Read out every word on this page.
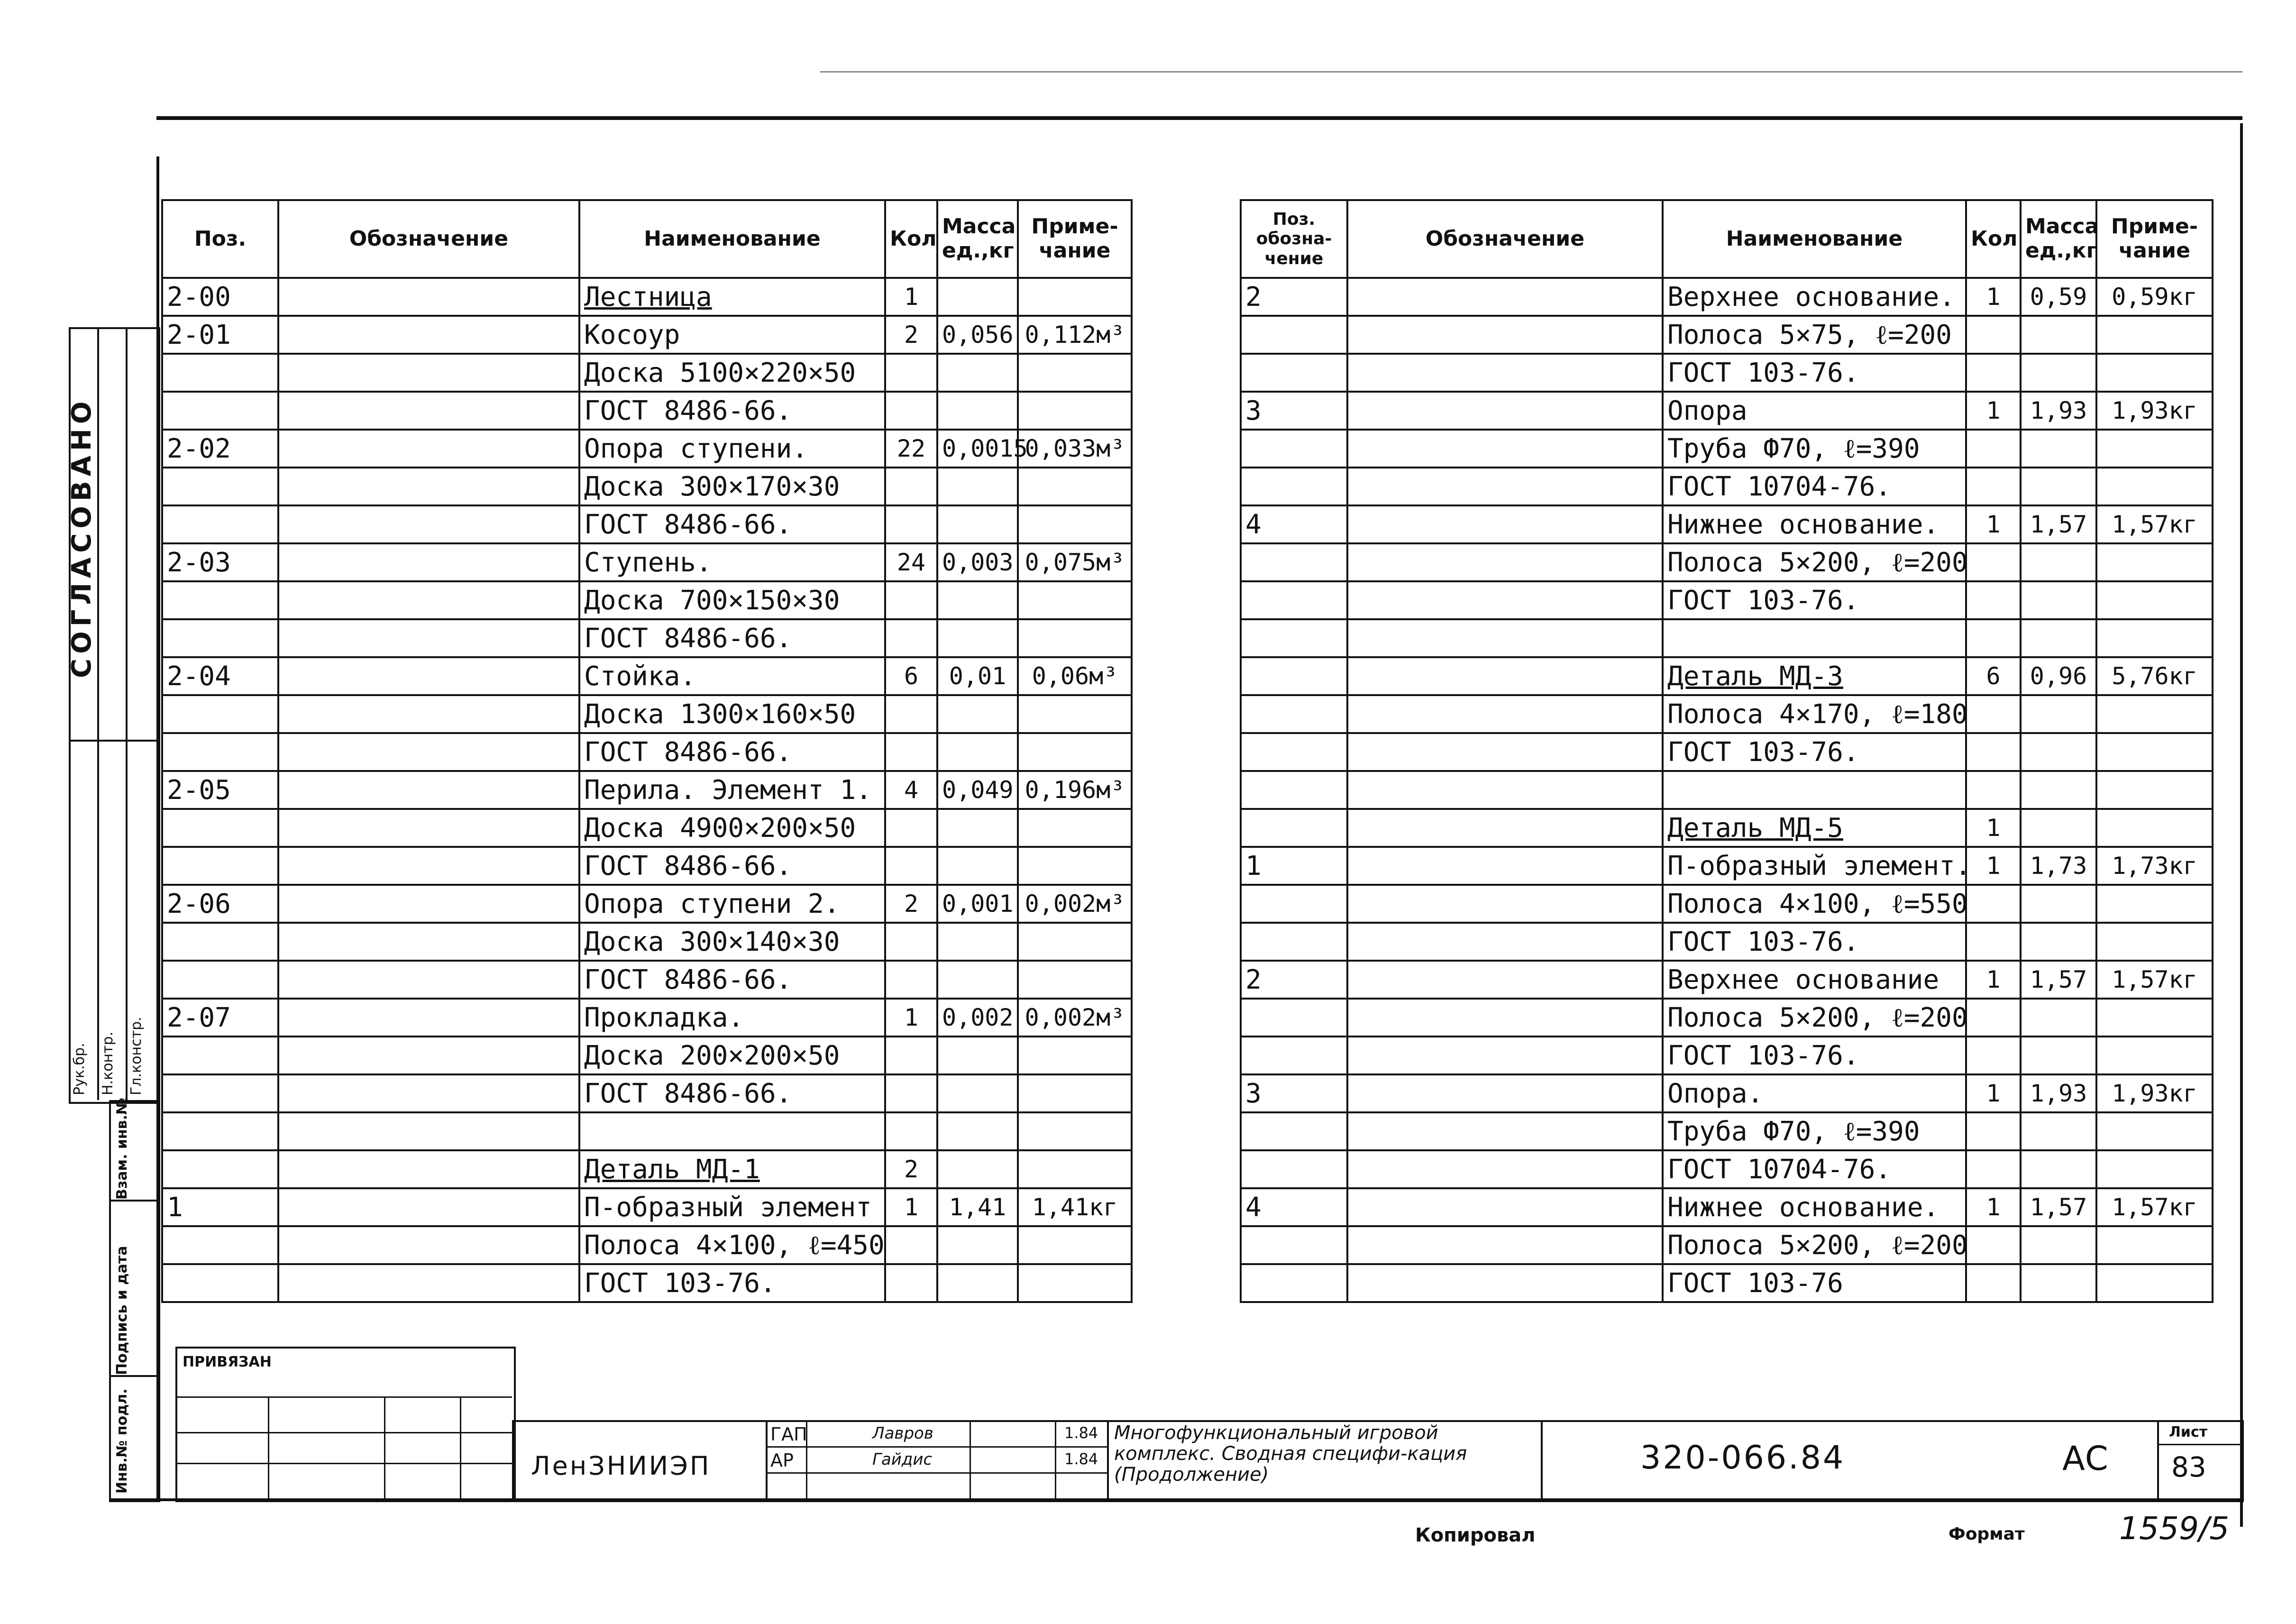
СОГЛАСОВАНО
Рук.бр. Н.контр. Гл.констр.
Инв.№ подл.
Подпись и дата
Взам. инв.№
Поз.	Обозначение	Наименование	Кол	Масса ед.,кг	Приме-чание
2-00		Лестница	1		
2-01		Косоур	2	0,056	0,112м³
		Доска 5100×220×50			
		ГОСТ 8486-66.			
2-02		Опора ступени.	22	0,0015	0,033м³
		Доска 300×170×30			
		ГОСТ 8486-66.			
2-03		Ступень.	24	0,003	0,075м³
		Доска 700×150×30			
		ГОСТ 8486-66.			
2-04		Стойка.	6	0,01	0,06м³
		Доска 1300×160×50			
		ГОСТ 8486-66.			
2-05		Перила. Элемент 1.	4	0,049	0,196м³
		Доска 4900×200×50			
		ГОСТ 8486-66.			
2-06		Опора ступени 2.	2	0,001	0,002м³
		Доска 300×140×30			
		ГОСТ 8486-66.			
2-07		Прокладка.	1	0,002	0,002м³
		Доска 200×200×50			
		ГОСТ 8486-66.			

		Деталь МД-1	2		
1		П-образный элемент	1	1,41	1,41кг
		Полоса 4×100, ℓ=450			
		ГОСТ 103-76.			
Поз. обозна-чение	Обозначение	Наименование	Кол	Масса ед.,кг	Приме-чание
2		Верхнее основание.	1	0,59	0,59кг
		Полоса 5×75, ℓ=200			
		ГОСТ 103-76.			
3		Опора	1	1,93	1,93кг
		Труба Ф70, ℓ=390			
		ГОСТ 10704-76.			
4		Нижнее основание.	1	1,57	1,57кг
		Полоса 5×200, ℓ=200			
		ГОСТ 103-76.			

		Деталь МД-3	6	0,96	5,76кг
		Полоса 4×170, ℓ=180			
		ГОСТ 103-76.			

		Деталь МД-5	1		
1		П-образный элемент.	1	1,73	1,73кг
		Полоса 4×100, ℓ=550			
		ГОСТ 103-76.			
2		Верхнее основание	1	1,57	1,57кг
		Полоса 5×200, ℓ=200			
		ГОСТ 103-76.			
3		Опора.	1	1,93	1,93кг
		Труба Ф70, ℓ=390			
		ГОСТ 10704-76.			
4		Нижнее основание.	1	1,57	1,57кг
		Полоса 5×200, ℓ=200			
		ГОСТ 103-76			
ПРИВЯЗАН
ЛенЗНИИЭП
ГАП	Лавров	1.84
АР	Гайдис	1.84
Многофункциональный игровой комплекс. Сводная специфи-кация (Продолжение)	320-066.84	АС
Лист
83
Копировал	Формат	1559/5
